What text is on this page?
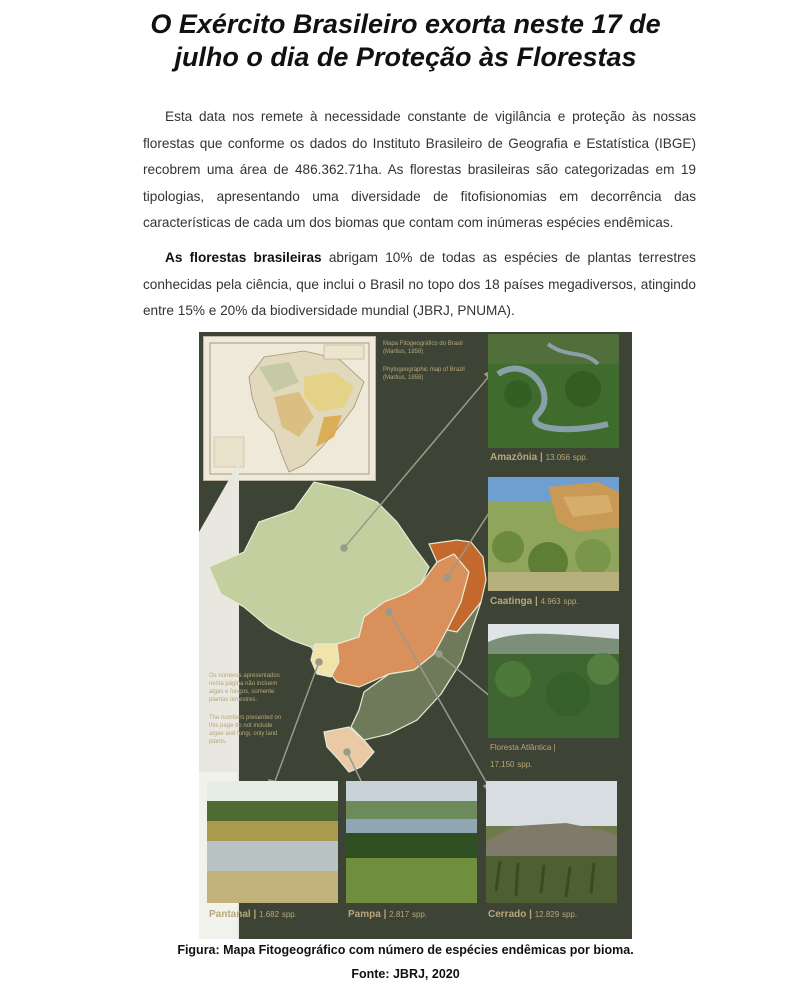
O Exército Brasileiro exorta neste 17 de
julho o dia de Proteção às Florestas

Esta data nos remete à necessidade constante de vigilância e proteção às nossas florestas que conforme os dados do Instituto Brasileiro de Geografia e Estatística (IBGE) recobrem uma área de 486.362.71ha. As florestas brasileiras são categorizadas em 19 tipologias, apresentando uma diversidade de fitofisionomias em decorrência das características de cada um dos biomas que contam com inúmeras espécies endêmicas.

As florestas brasileiras abrigam 10% de todas as espécies de plantas terrestres conhecidas pela ciência, que inclui o Brasil no topo dos 18 países megadiversos, atingindo entre 15% e 20% da biodiversidade mundial (JBRJ, PNUMA).

Mapa Fitogeográfico do Brasil (Martius, 1858)
Phytogeographic map of Brazil (Martius, 1858)
Os números apresentados nesta página não incluem algas e fungos, somente plantas terrestres.
The numbers presented on this page do not include algae and fungi, only land plants.
Amazônia | 13.056 spp.
Caatinga | 4.963 spp.
Floresta Atlântica |
17.150 spp.
Pantanal | 1.682 spp.	Pampa | 2.817 spp.	Cerrado | 12.829 spp.
Figura: Mapa Fitogeográfico com número de espécies endêmicas por bioma.
Fonte: JBRJ, 2020
